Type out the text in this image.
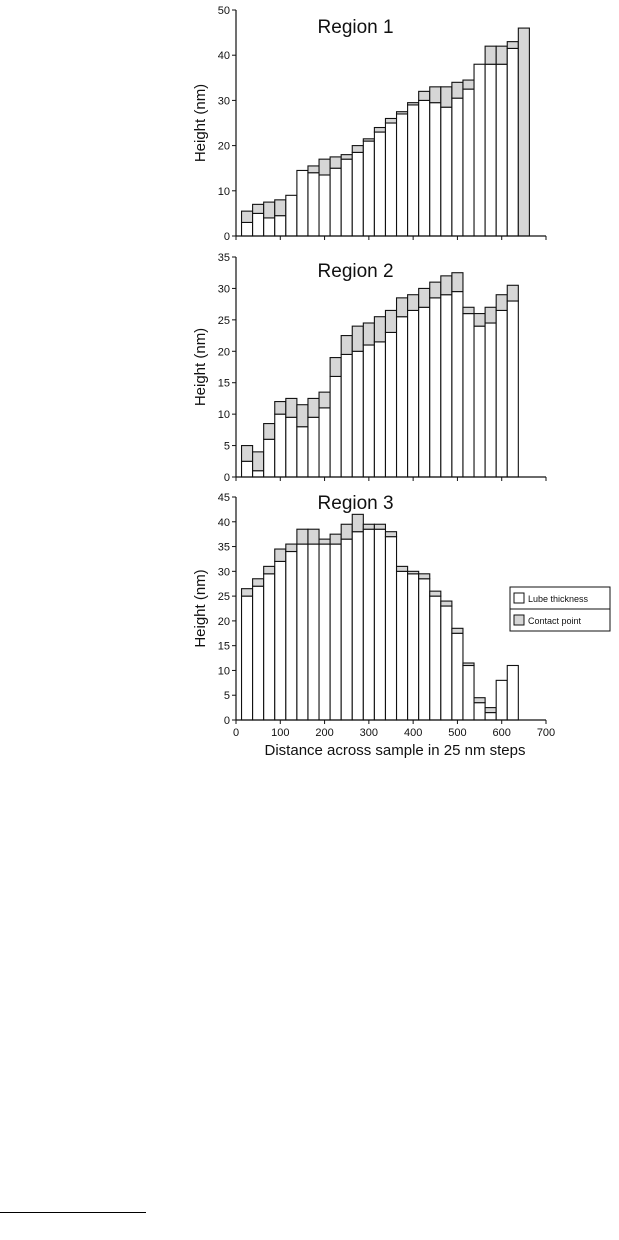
0
10
20
30
40
50
Height (nm)
Region 1
0
5
10
15
20
25
30
35
Height (nm)
Region 2
0
5
10
15
20
25
30
35
40
45
Height (nm)
Region 3
0	100 200 300 400 500 600 700
Distance across sample in 25 nm steps
Lube thickness
Contact point
